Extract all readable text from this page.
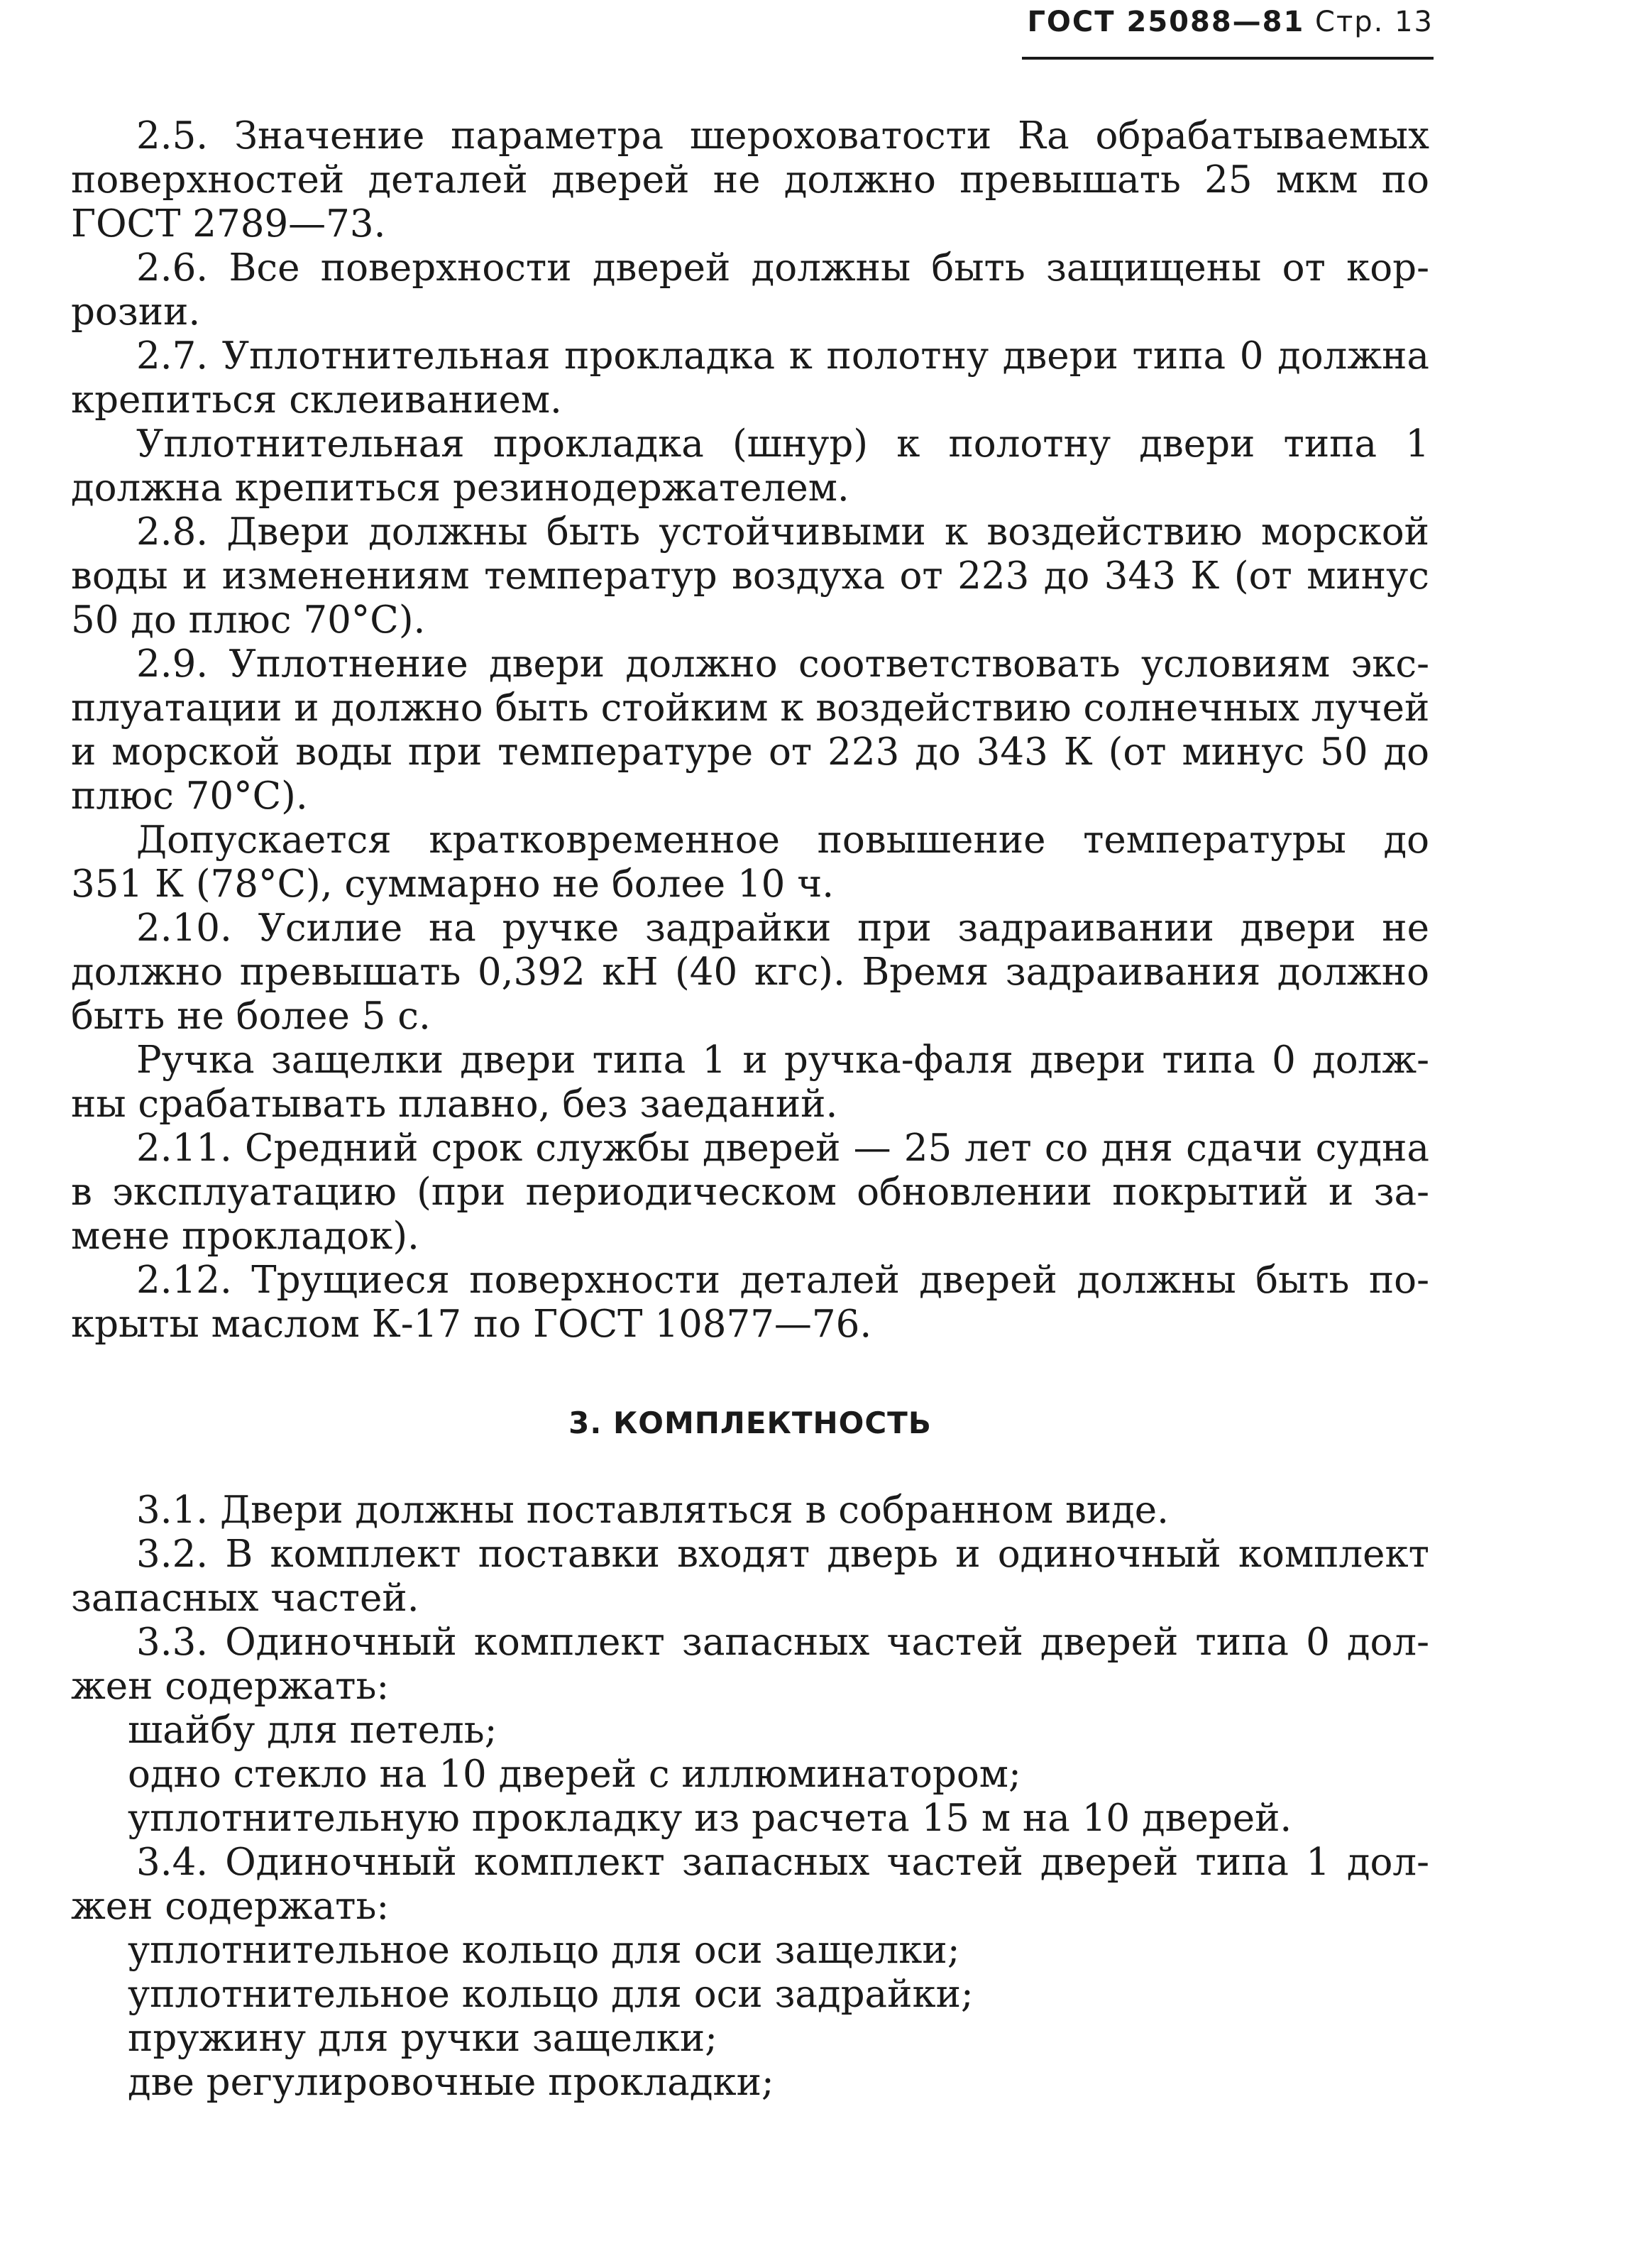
ГОСТ 25088—81 Стр. 13
2.5. Значение параметра шероховатости Ra обрабатываемых
поверхностей деталей дверей не должно превышать 25 мкм по
ГОСТ 2789—73.
2.6. Все поверхности дверей должны быть защищены от кор-
розии.
2.7. Уплотнительная прокладка к полотну двери типа 0 должна
крепиться склеиванием.
Уплотнительная прокладка (шнур) к полотну двери типа 1
должна крепиться резинодержателем.
2.8. Двери должны быть устойчивыми к воздействию морской
воды и изменениям температур воздуха от 223 до 343 К (от минус
50 до плюс 70°С).
2.9. Уплотнение двери должно соответствовать условиям экс-
плуатации и должно быть стойким к воздействию солнечных лучей
и морской воды при температуре от 223 до 343 К (от минус 50 до
плюс 70°С).
Допускается кратковременное повышение температуры до
351 К (78°С), суммарно не более 10 ч.
2.10. Усилие на ручке задрайки при задраивании двери не
должно превышать 0,392 кН (40 кгс). Время задраивания должно
быть не более 5 с.
Ручка защелки двери типа 1 и ручка-фаля двери типа 0 долж-
ны срабатывать плавно, без заеданий.
2.11. Средний срок службы дверей — 25 лет со дня сдачи судна
в эксплуатацию (при периодическом обновлении покрытий и за-
мене прокладок).
2.12. Трущиеся поверхности деталей дверей должны быть по-
крыты маслом К-17 по ГОСТ 10877—76.
3. КОМПЛЕКТНОСТЬ
3.1. Двери должны поставляться в собранном виде.
3.2. В комплект поставки входят дверь и одиночный комплект
запасных частей.
3.3. Одиночный комплект запасных частей дверей типа 0 дол-
жен содержать:
шайбу для петель;
одно стекло на 10 дверей с иллюминатором;
уплотнительную прокладку из расчета 15 м на 10 дверей.
3.4. Одиночный комплект запасных частей дверей типа 1 дол-
жен содержать:
уплотнительное кольцо для оси защелки;
уплотнительное кольцо для оси задрайки;
пружину для ручки защелки;
две регулировочные прокладки;
